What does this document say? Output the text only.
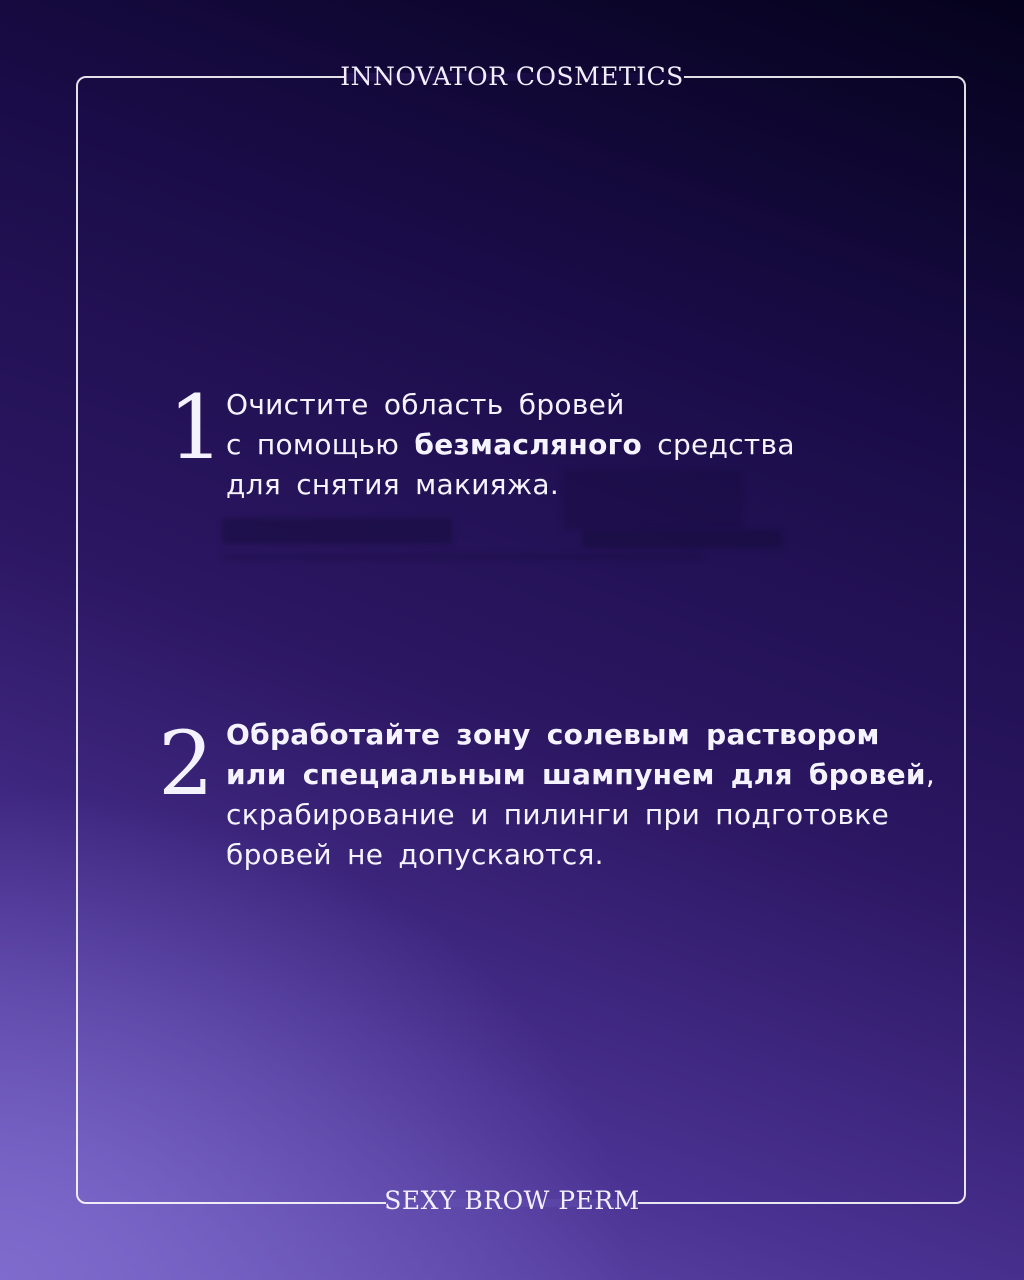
INNOVATOR COSMETICS
SEXY BROW PERM
1 Очистите область бровей
с помощью безмасляного средства
для снятия макияжа.
2 Обработайте зону солевым раствором
или специальным шампунем для бровей,
скрабирование и пилинги при подготовке
бровей не допускаются.
